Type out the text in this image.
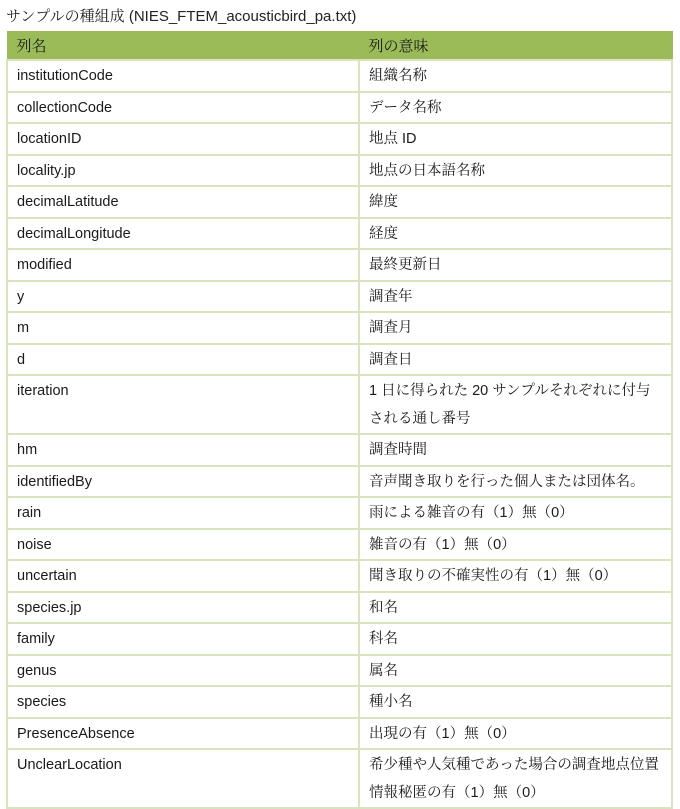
サンプルの種組成 (NIES_FTEM_acousticbird_pa.txt)
列名	列の意味
institutionCode	組織名称
collectionCode	データ名称
locationID	地点 ID
locality.jp	地点の日本語名称
decimalLatitude	緯度
decimalLongitude	経度
modified	最終更新日
y	調査年
m	調査月
d	調査日
iteration	1 日に得られた 20 サンプルそれぞれに付与される通し番号
hm	調査時間
identifiedBy	音声聞き取りを行った個人または団体名。
rain	雨による雑音の有（1）無（0）
noise	雑音の有（1）無（0）
uncertain	聞き取りの不確実性の有（1）無（0）
species.jp	和名
family	科名
genus	属名
species	種小名
PresenceAbsence	出現の有（1）無（0）
UnclearLocation	希少種や人気種であった場合の調査地点位置情報秘匿の有（1）無（0）
